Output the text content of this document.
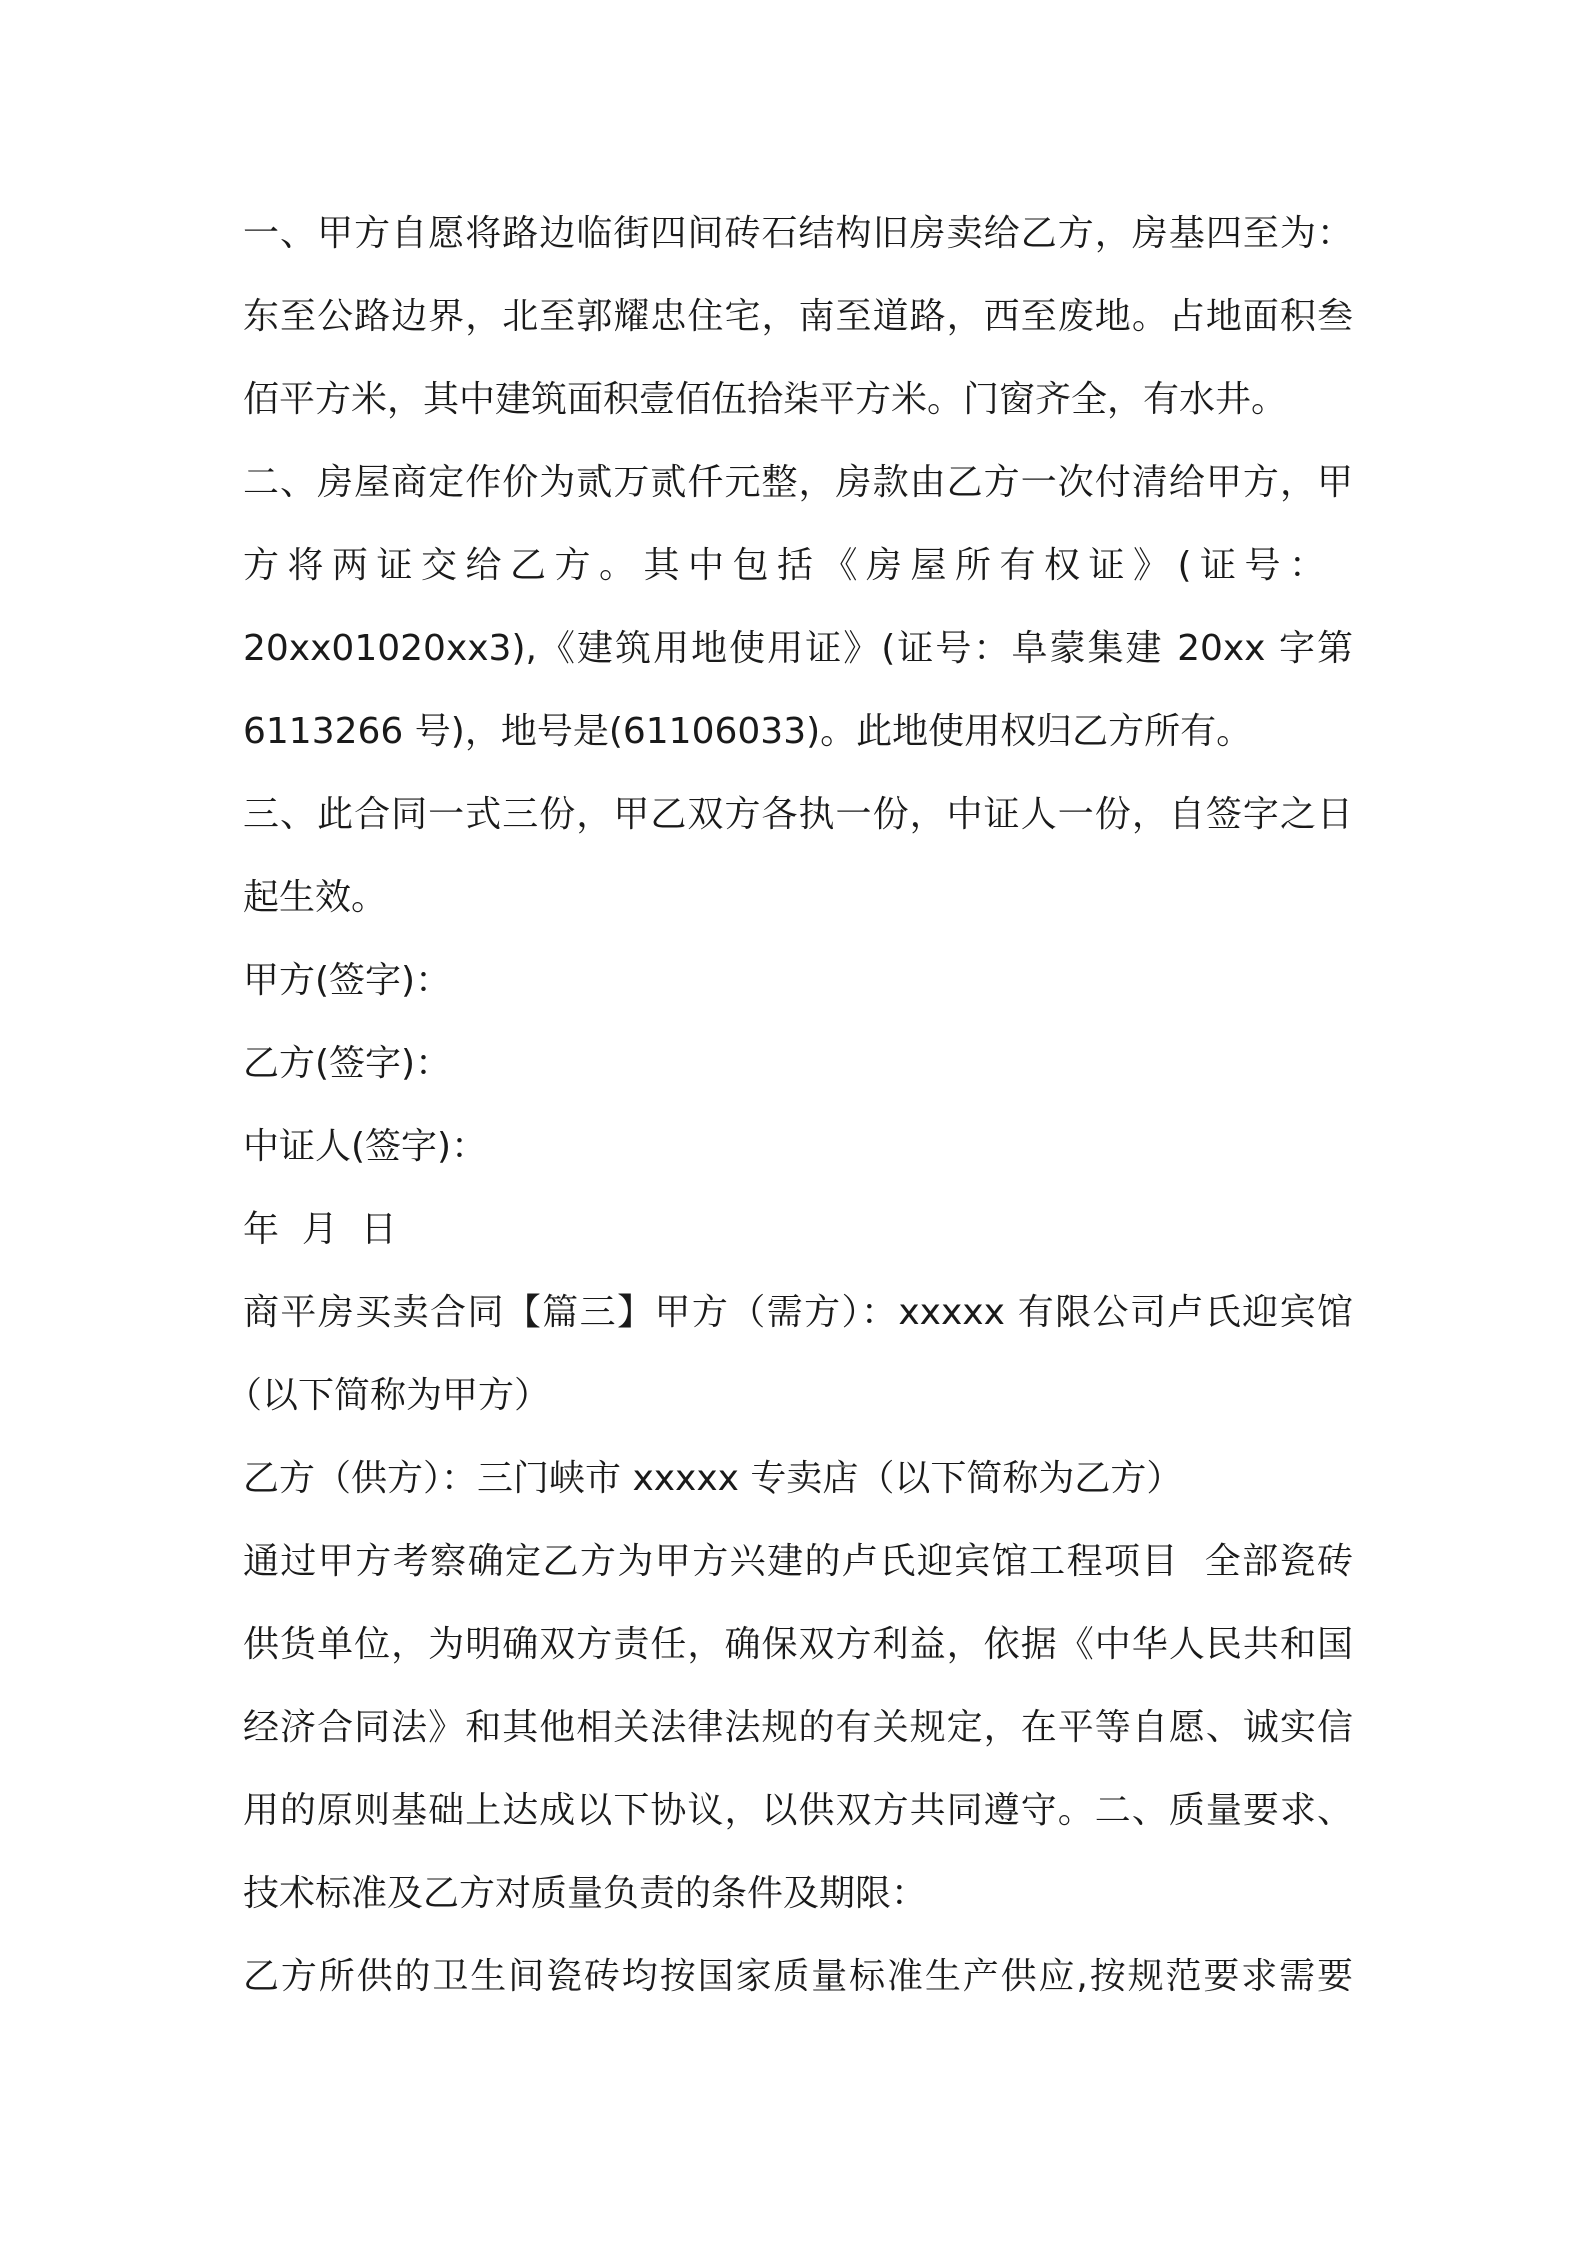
一、甲方自愿将路边临街四间砖石结构旧房卖给乙方，房基四至为：
东至公路边界，北至郭耀忠住宅，南至道路，西至废地。占地面积叁
佰平方米，其中建筑面积壹佰伍拾柒平方米。门窗齐全，有水井。
二、房屋商定作价为贰万贰仟元整，房款由乙方一次付清给甲方，甲
方将两证交给乙方。其中包括《房屋所有权证》(证号：
20xx01020xx3),《建筑用地使用证》(证号：阜蒙集建 20xx 字第
6113266 号)，地号是(61106033)。此地使用权归乙方所有。
三、此合同一式三份，甲乙双方各执一份，中证人一份，自签字之日
起生效。
甲方(签字)：
乙方(签字)：
中证人(签字)：
年  月  日
商平房买卖合同【篇三】甲方（需方）：xxxxx 有限公司卢氏迎宾馆
（以下简称为甲方）
乙方（供方）：三门峡市 xxxxx 专卖店（以下简称为乙方）
通过甲方考察确定乙方为甲方兴建的卢氏迎宾馆工程项目  全部瓷砖
供货单位，为明确双方责任，确保双方利益，依据《中华人民共和国
经济合同法》和其他相关法律法规的有关规定，在平等自愿、诚实信
用的原则基础上达成以下协议，以供双方共同遵守。二、质量要求、
技术标准及乙方对质量负责的条件及期限：
乙方所供的卫生间瓷砖均按国家质量标准生产供应,按规范要求需要
